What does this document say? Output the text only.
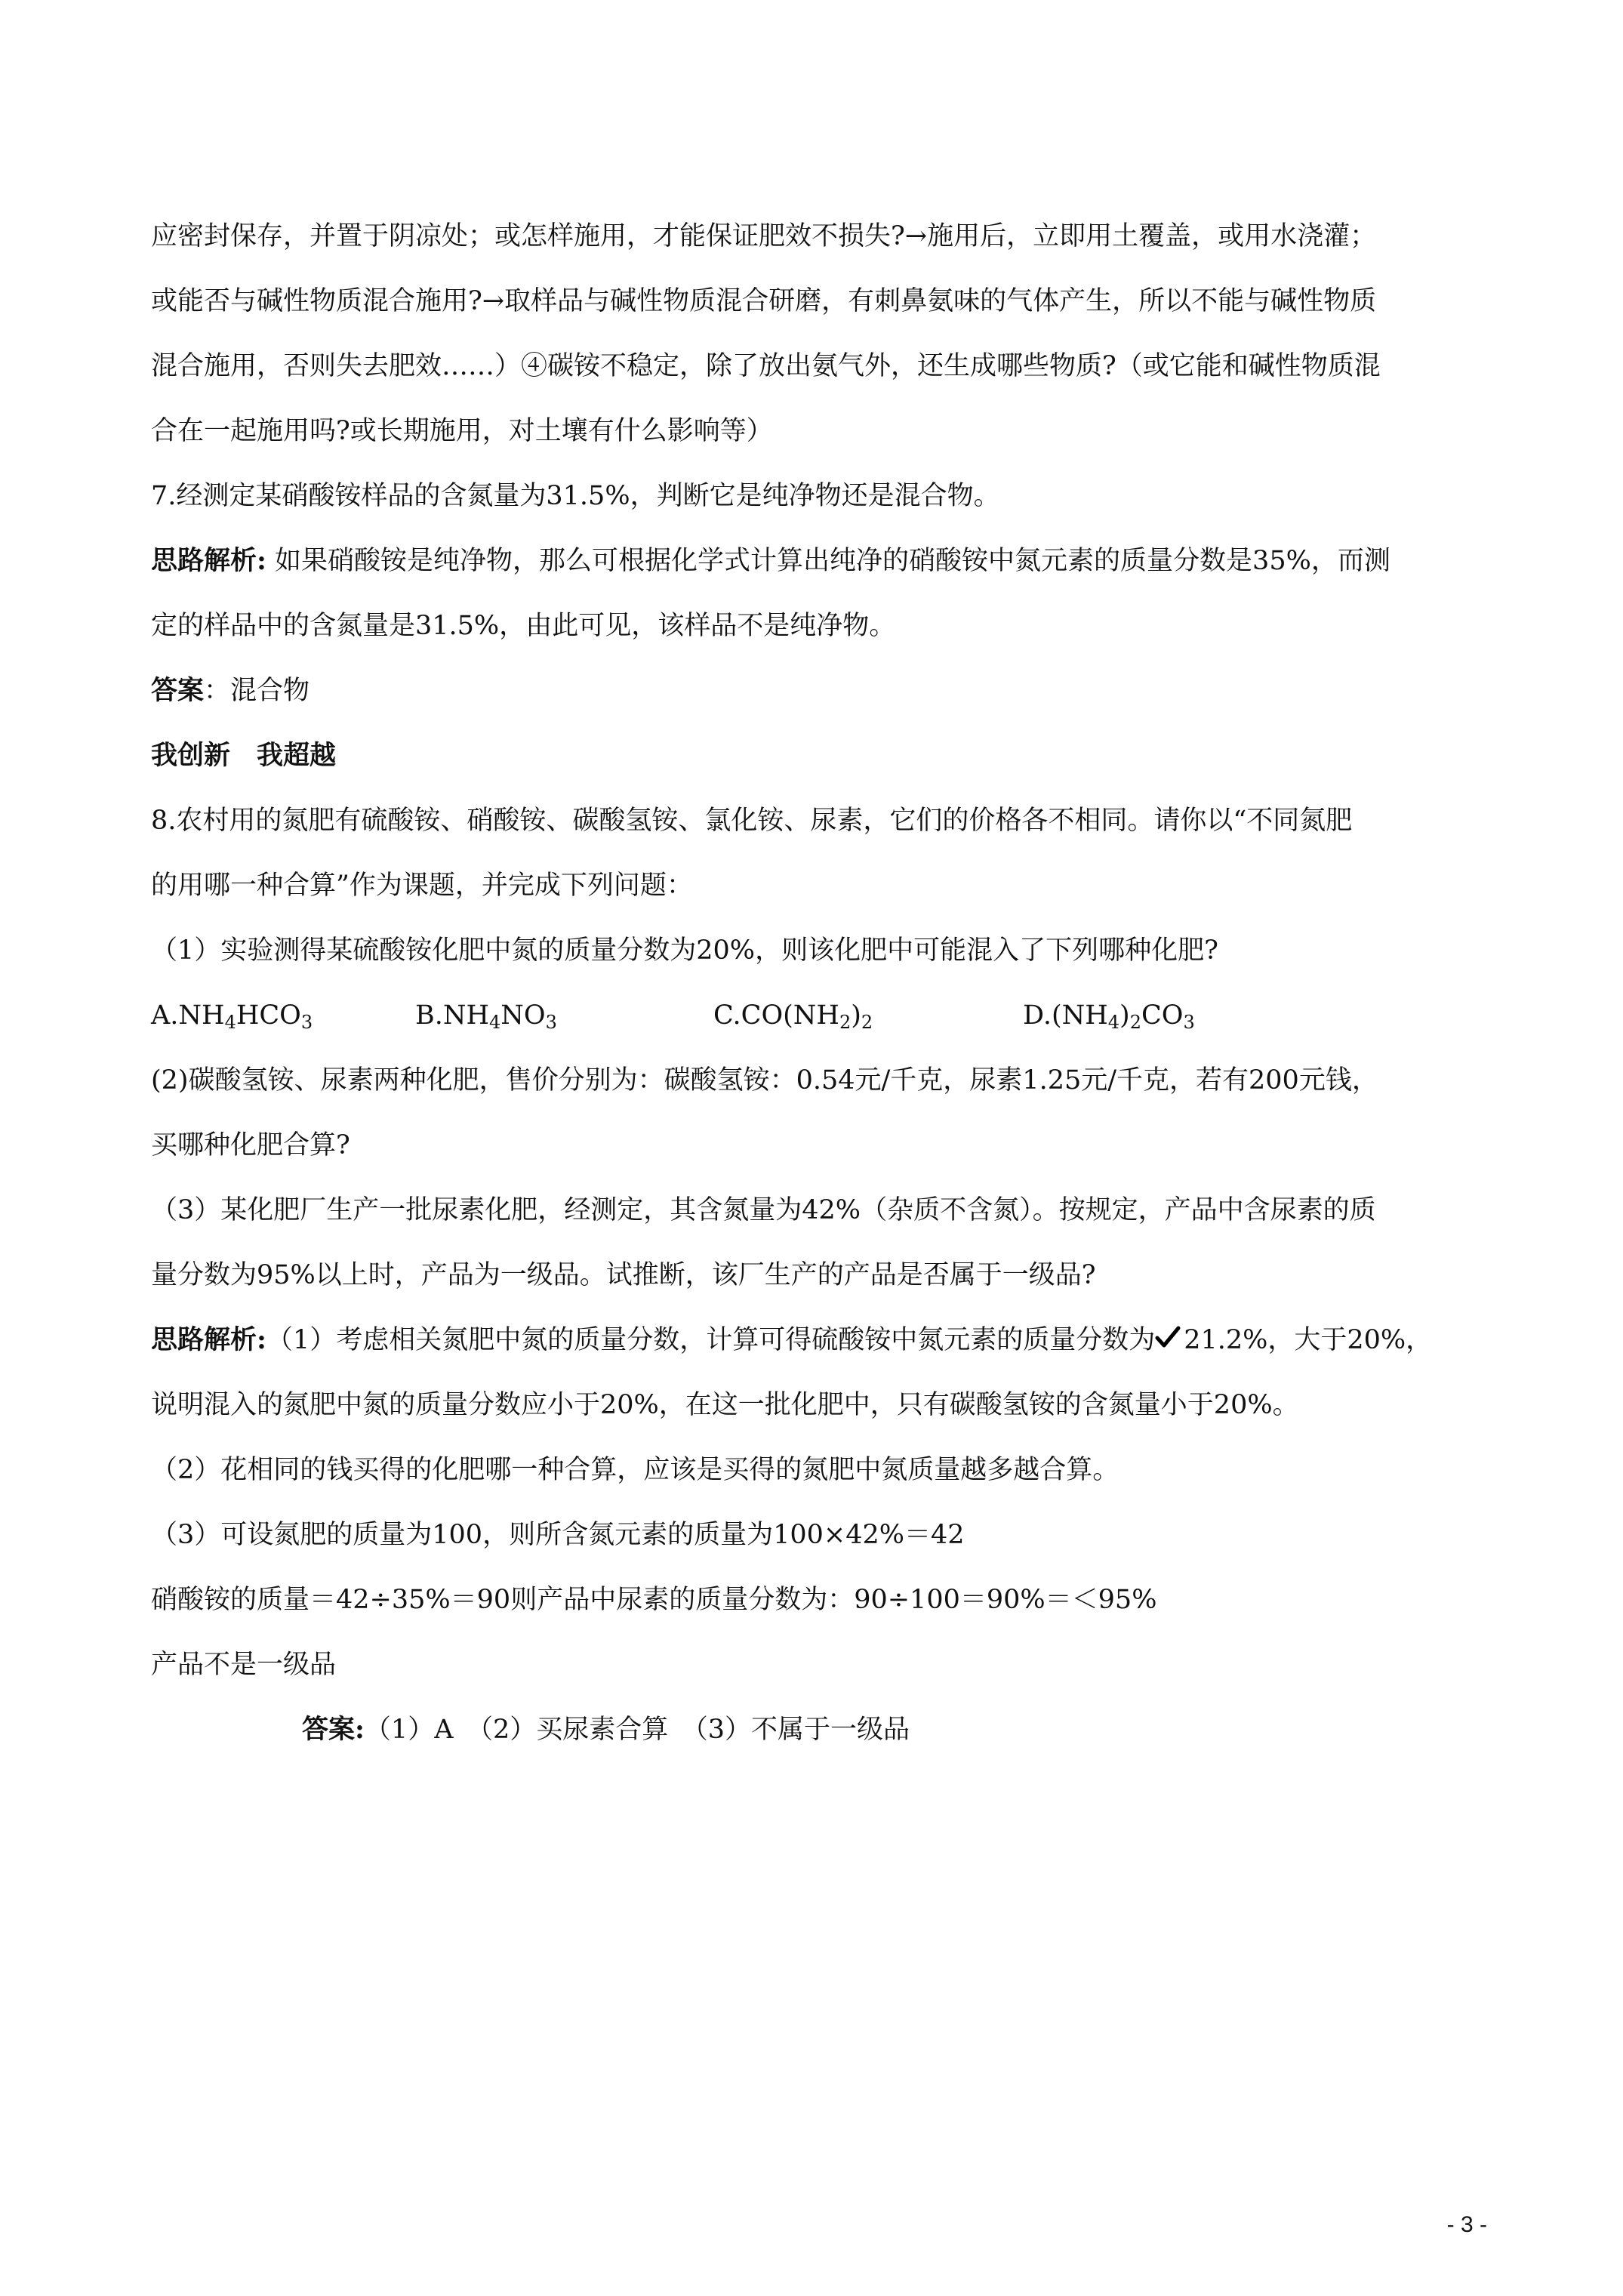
应密封保存，并置于阴凉处；或怎样施用，才能保证肥效不损失?→施用后，立即用土覆盖，或用水浇灌；

或能否与碱性物质混合施用?→取样品与碱性物质混合研磨，有刺鼻氨味的气体产生，所以不能与碱性物质

混合施用，否则失去肥效……）④碳铵不稳定，除了放出氨气外，还生成哪些物质?（或它能和碱性物质混

合在一起施用吗?或长期施用，对土壤有什么影响等）

7.经测定某硝酸铵样品的含氮量为31.5%，判断它是纯净物还是混合物。

思路解析: 如果硝酸铵是纯净物，那么可根据化学式计算出纯净的硝酸铵中氮元素的质量分数是35%，而测

定的样品中的含氮量是31.5%，由此可见，该样品不是纯净物。

答案：混合物

我创新　我超越

8.农村用的氮肥有硫酸铵、硝酸铵、碳酸氢铵、氯化铵、尿素，它们的价格各不相同。请你以“不同氮肥

的用哪一种合算”作为课题，并完成下列问题：

（1）实验测得某硫酸铵化肥中氮的质量分数为20%，则该化肥中可能混入了下列哪种化肥?

$A.NH_4HCO_3$	$B.NH_4NO_3$	$C.CO(NH_2)_2$	$D.(NH_4)_2CO_3$

(2)碳酸氢铵、尿素两种化肥，售价分别为：碳酸氢铵：0.54元/千克，尿素1.25元/千克，若有200元钱，

买哪种化肥合算?

（3）某化肥厂生产一批尿素化肥，经测定，其含氮量为42%（杂质不含氮）。按规定，产品中含尿素的质

量分数为95%以上时，产品为一级品。试推断，该厂生产的产品是否属于一级品?

思路解析:（1）考虑相关氮肥中氮的质量分数，计算可得硫酸铵中氮元素的质量分数为 21.2%，大于20%，

说明混入的氮肥中氮的质量分数应小于20%，在这一批化肥中，只有碳酸氢铵的含氮量小于20%。

（2）花相同的钱买得的化肥哪一种合算，应该是买得的氮肥中氮质量越多越合算。

（3）可设氮肥的质量为100，则所含氮元素的质量为100×42%＝42

硝酸铵的质量＝42÷35%＝90则产品中尿素的质量分数为：90÷100＝90%＝＜95%

产品不是一级品

答案:（1）A　（2）买尿素合算　（3）不属于一级品

- 3 -
